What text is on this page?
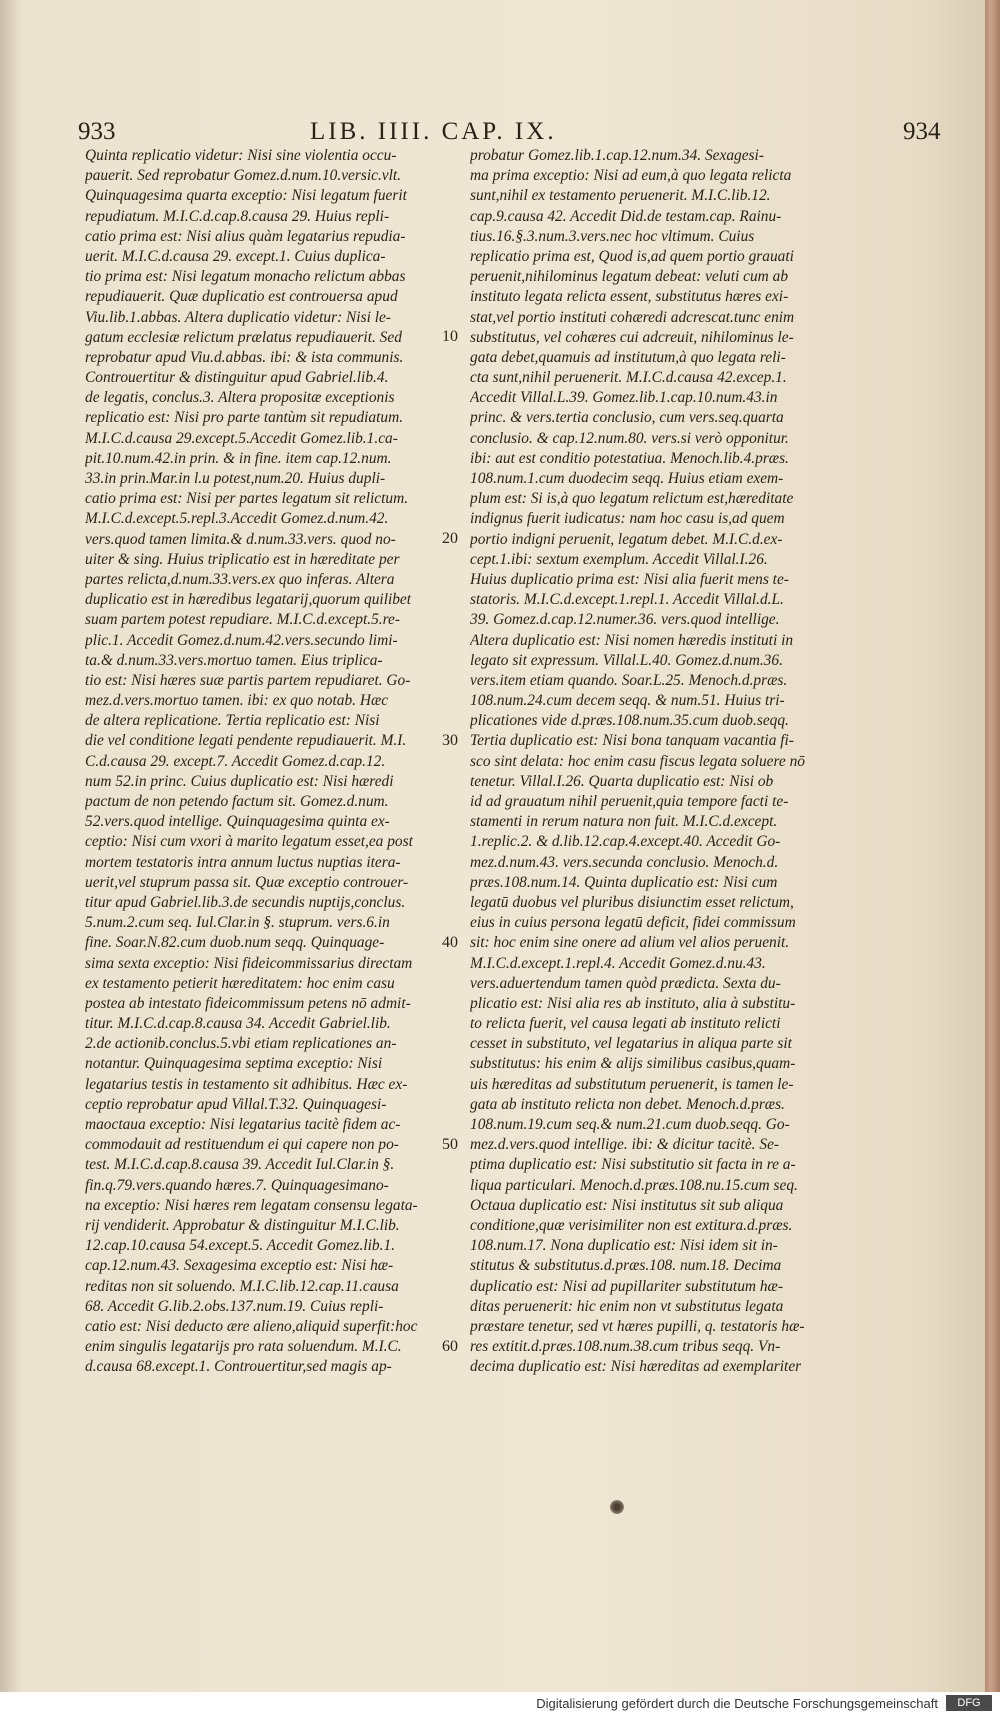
933	LIB. IIII. CAP. IX.	934
Quinta replicatio videtur: Nisi sine violentia occu-
pauerit. Sed reprobatur Gomez.d.num.10.versic.vlt.
Quinquagesima quarta exceptio: Nisi legatum fuerit
repudiatum. M.I.C.d.cap.8.causa 29. Huius repli-
catio prima est: Nisi alius quàm legatarius repudia-
uerit. M.I.C.d.causa 29. except.1. Cuius duplica-
tio prima est: Nisi legatum monacho relictum abbas
repudiauerit. Quæ duplicatio est controuersa apud
Viu.lib.1.abbas. Altera duplicatio videtur: Nisi le-
gatum ecclesiæ relictum prælatus repudiauerit. Sed
reprobatur apud Viu.d.abbas. ibi: & ista communis.
Controuertitur & distinguitur apud Gabriel.lib.4.
de legatis, conclus.3. Altera propositæ exceptionis
replicatio est: Nisi pro parte tantùm sit repudiatum.
M.I.C.d.causa 29.except.5.Accedit Gomez.lib.1.ca-
pit.10.num.42.in prin. & in fine. item cap.12.num.
33.in prin.Mar.in l.u potest,num.20. Huius dupli-
catio prima est: Nisi per partes legatum sit relictum.
M.I.C.d.except.5.repl.3.Accedit Gomez.d.num.42.
vers.quod tamen limita.& d.num.33.vers. quod no-
uiter & sing. Huius triplicatio est in hæreditate per
partes relicta,d.num.33.vers.ex quo inferas. Altera
duplicatio est in hæredibus legatarij,quorum quilibet
suam partem potest repudiare. M.I.C.d.except.5.re-
plic.1. Accedit Gomez.d.num.42.vers.secundo limi-
ta.& d.num.33.vers.mortuo tamen. Eius triplica-
tio est: Nisi hæres suæ partis partem repudiaret. Go-
mez.d.vers.mortuo tamen. ibi: ex quo notab. Hæc
de altera replicatione. Tertia replicatio est: Nisi
die vel conditione legati pendente repudiauerit. M.I.
C.d.causa 29. except.7. Accedit Gomez.d.cap.12.
num 52.in princ. Cuius duplicatio est: Nisi hæredi
pactum de non petendo factum sit. Gomez.d.num.
52.vers.quod intellige. Quinquagesima quinta ex-
ceptio: Nisi cum vxori à marito legatum esset,ea post
mortem testatoris intra annum luctus nuptias itera-
uerit,vel stuprum passa sit. Quæ exceptio controuer-
titur apud Gabriel.lib.3.de secundis nuptijs,conclus.
5.num.2.cum seq. Iul.Clar.in §. stuprum. vers.6.in
fine. Soar.N.82.cum duob.num seqq. Quinquage-
sima sexta exceptio: Nisi fideicommissarius directam
ex testamento petierit hæreditatem: hoc enim casu
postea ab intestato fideicommissum petens nō admit-
titur. M.I.C.d.cap.8.causa 34. Accedit Gabriel.lib.
2.de actionib.conclus.5.vbi etiam replicationes an-
notantur. Quinquagesima septima exceptio: Nisi
legatarius testis in testamento sit adhibitus. Hæc ex-
ceptio reprobatur apud Villal.T.32. Quinquagesi-
maoctaua exceptio: Nisi legatarius tacitè fidem ac-
commodauit ad restituendum ei qui capere non po-
test. M.I.C.d.cap.8.causa 39. Accedit Iul.Clar.in §.
fin.q.79.vers.quando hæres.7. Quinquagesimano-
na exceptio: Nisi hæres rem legatam consensu legata-
rij vendiderit. Approbatur & distinguitur M.I.C.lib.
12.cap.10.causa 54.except.5. Accedit Gomez.lib.1.
cap.12.num.43. Sexagesima exceptio est: Nisi hæ-
reditas non sit soluendo. M.I.C.lib.12.cap.11.causa
68. Accedit G.lib.2.obs.137.num.19. Cuius repli-
catio est: Nisi deducto ære alieno,aliquid superfit:hoc
enim singulis legatarijs pro rata soluendum. M.I.C.
d.causa 68.except.1. Controuertitur,sed magis ap-
10
20
30
40
50
60
probatur Gomez.lib.1.cap.12.num.34. Sexagesi-
ma prima exceptio: Nisi ad eum,à quo legata relicta
sunt,nihil ex testamento peruenerit. M.I.C.lib.12.
cap.9.causa 42. Accedit Did.de testam.cap. Rainu-
tius.16.§.3.num.3.vers.nec hoc vltimum. Cuius
replicatio prima est, Quod is,ad quem portio grauati
peruenit,nihilominus legatum debeat: veluti cum ab
instituto legata relicta essent, substitutus hæres exi-
stat,vel portio instituti cohæredi adcrescat.tunc enim
substitutus, vel cohæres cui adcreuit, nihilominus le-
gata debet,quamuis ad institutum,à quo legata reli-
cta sunt,nihil peruenerit. M.I.C.d.causa 42.excep.1.
Accedit Villal.L.39. Gomez.lib.1.cap.10.num.43.in
princ. & vers.tertia conclusio, cum vers.seq.quarta
conclusio. & cap.12.num.80. vers.si verò opponitur.
ibi: aut est conditio potestatiua. Menoch.lib.4.præs.
108.num.1.cum duodecim seqq. Huius etiam exem-
plum est: Si is,à quo legatum relictum est,hæreditate
indignus fuerit iudicatus: nam hoc casu is,ad quem
portio indigni peruenit, legatum debet. M.I.C.d.ex-
cept.1.ibi: sextum exemplum. Accedit Villal.I.26.
Huius duplicatio prima est: Nisi alia fuerit mens te-
statoris. M.I.C.d.except.1.repl.1. Accedit Villal.d.L.
39. Gomez.d.cap.12.numer.36. vers.quod intellige.
Altera duplicatio est: Nisi nomen hæredis instituti in
legato sit expressum. Villal.L.40. Gomez.d.num.36.
vers.item etiam quando. Soar.L.25. Menoch.d.præs.
108.num.24.cum decem seqq. & num.51. Huius tri-
plicationes vide d.præs.108.num.35.cum duob.seqq.
Tertia duplicatio est: Nisi bona tanquam vacantia fi-
sco sint delata: hoc enim casu fiscus legata soluere nō
tenetur. Villal.I.26. Quarta duplicatio est: Nisi ob
id ad grauatum nihil peruenit,quia tempore facti te-
stamenti in rerum natura non fuit. M.I.C.d.except.
1.replic.2. & d.lib.12.cap.4.except.40. Accedit Go-
mez.d.num.43. vers.secunda conclusio. Menoch.d.
præs.108.num.14. Quinta duplicatio est: Nisi cum
legatū duobus vel pluribus disiunctim esset relictum,
eius in cuius persona legatū deficit, fidei commissum
sit: hoc enim sine onere ad alium vel alios peruenit.
M.I.C.d.except.1.repl.4. Accedit Gomez.d.nu.43.
vers.aduertendum tamen quòd prædicta. Sexta du-
plicatio est: Nisi alia res ab instituto, alia à substitu-
to relicta fuerit, vel causa legati ab instituto relicti
cesset in substituto, vel legatarius in aliqua parte sit
substitutus: his enim & alijs similibus casibus,quam-
uis hæreditas ad substitutum peruenerit, is tamen le-
gata ab instituto relicta non debet. Menoch.d.præs.
108.num.19.cum seq.& num.21.cum duob.seqq. Go-
mez.d.vers.quod intellige. ibi: & dicitur tacitè. Se-
ptima duplicatio est: Nisi substitutio sit facta in re a-
liqua particulari. Menoch.d.præs.108.nu.15.cum seq.
Octaua duplicatio est: Nisi institutus sit sub aliqua
conditione,quæ verisimiliter non est extitura.d.præs.
108.num.17. Nona duplicatio est: Nisi idem sit in-
stitutus & substitutus.d.præs.108. num.18. Decima
duplicatio est: Nisi ad pupillariter substitutum hæ-
ditas peruenerit: hic enim non vt substitutus legata
præstare tenetur, sed vt hæres pupilli, q. testatoris hæ-
res extitit.d.præs.108.num.38.cum tribus seqq. Vn-
decima duplicatio est: Nisi hæreditas ad exemplariter
Digitalisierung gefördert durch die Deutsche Forschungsgemeinschaft	DFG
